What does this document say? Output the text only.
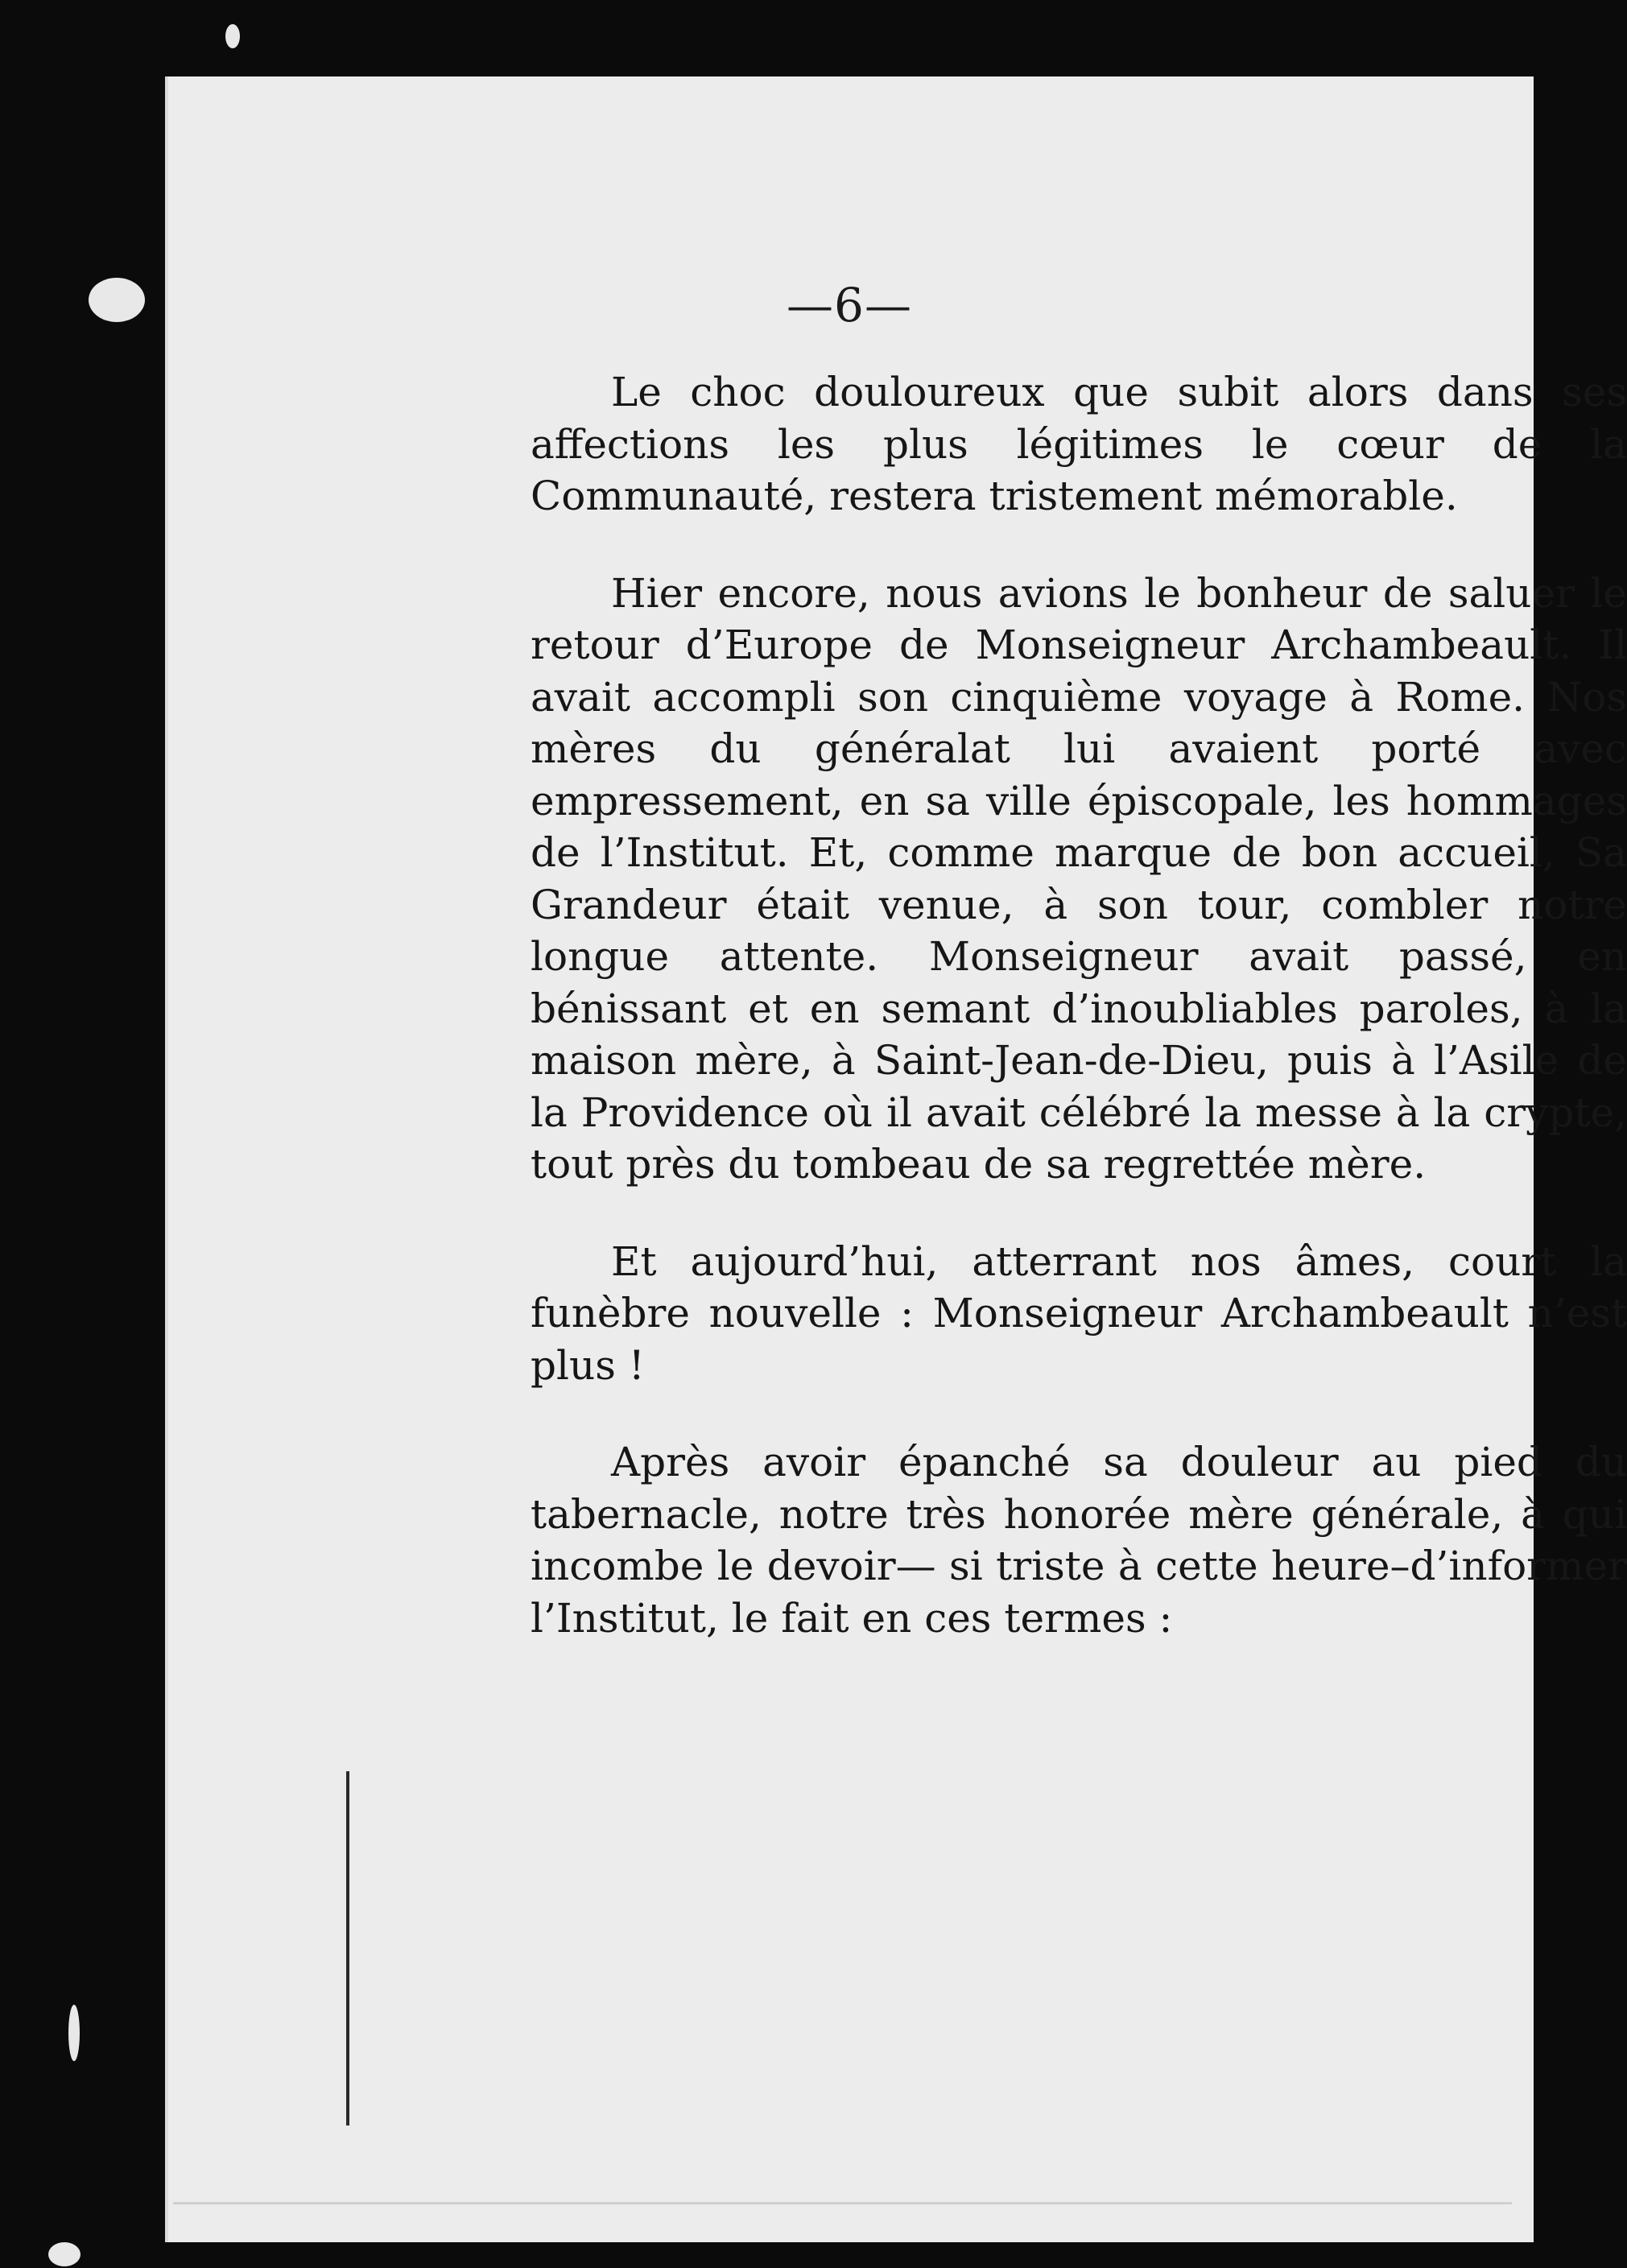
—6—

Le choc douloureux que subit alors dans ses affections les plus légitimes le cœur de la Communauté, restera tristement mémorable.

Hier encore, nous avions le bonheur de saluer le retour d’Europe de Monseigneur Archambeault. Il avait accompli son cinquième voyage à Rome. Nos mères du généralat lui avaient porté avec empressement, en sa ville épiscopale, les hommages de l’Institut. Et, comme marque de bon accueil, Sa Grandeur était venue, à son tour, combler notre longue attente. Monseigneur avait passé, en bénissant et en semant d’inoubliables paroles, à la maison mère, à Saint-Jean-de-Dieu, puis à l’Asile de la Providence où il avait célébré la messe à la crypte, tout près du tombeau de sa regrettée mère.

Et aujourd’hui, atterrant nos âmes, court la funèbre nouvelle : Monseigneur Archambeault n’est plus !

Après avoir épanché sa douleur au pied du tabernacle, notre très honorée mère générale, à qui incombe le devoir— si triste à cette heure–d’informer l’Institut, le fait en ces termes :
